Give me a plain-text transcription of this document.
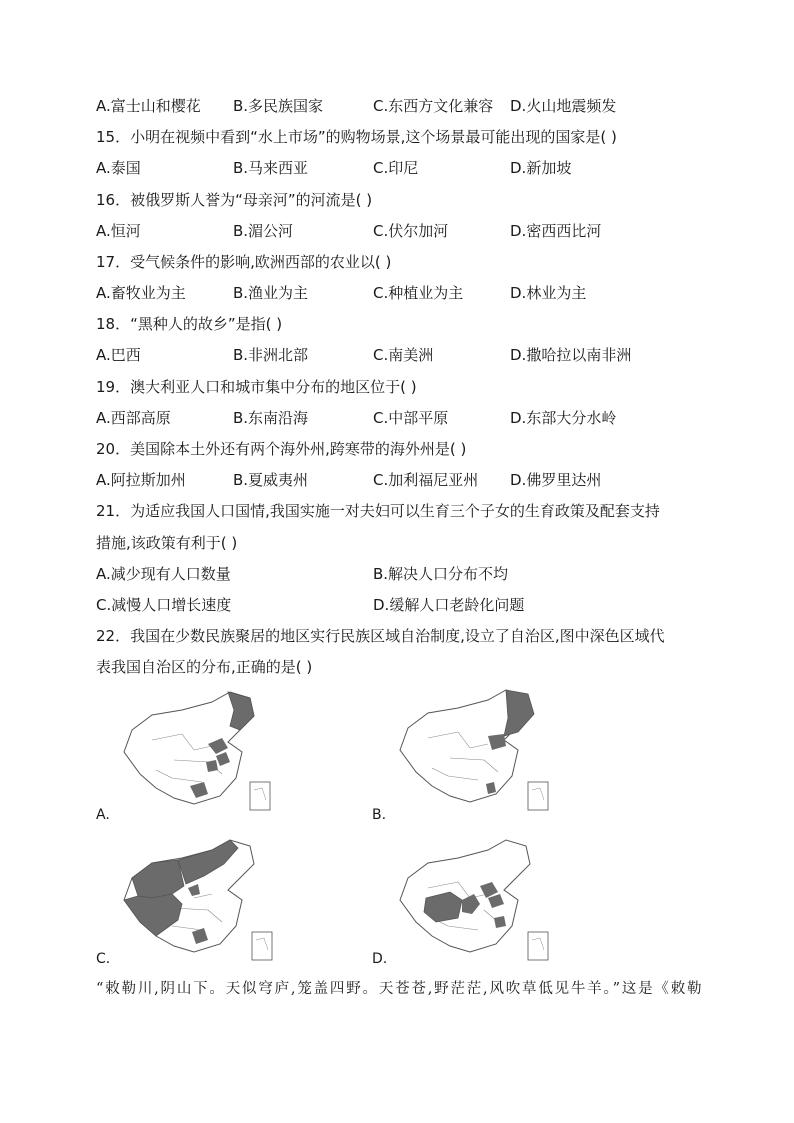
A.富士山和樱花 B.多民族国家	C.东西方文化兼容 D.火山地震频发
15．小明在视频中看到“水上市场”的购物场景,这个场景最可能出现的国家是( )
A.泰国	B.马来西亚	C.印尼	D.新加坡
16．被俄罗斯人誉为“母亲河”的河流是( )
A.恒河	B.湄公河	C.伏尔加河	D.密西西比河
17．受气候条件的影响,欧洲西部的农业以( )
A.畜牧业为主	B.渔业为主	C.种植业为主	D.林业为主
18．“黑种人的故乡”是指( )
A.巴西	B.非洲北部	C.南美洲	D.撒哈拉以南非洲
19．澳大利亚人口和城市集中分布的地区位于( )
A.西部高原	B.东南沿海	C.中部平原	D.东部大分水岭
20．美国除本土外还有两个海外州,跨寒带的海外州是( )
A.阿拉斯加州	B.夏威夷州	C.加利福尼亚州 D.佛罗里达州
21．为适应我国人口国情,我国实施一对夫妇可以生育三个子女的生育政策及配套支持
措施,该政策有利于( )
A.减少现有人口数量	B.解决人口分布不均
C.减慢人口增长速度	D.缓解人口老龄化问题
22．我国在少数民族聚居的地区实行民族区域自治制度,设立了自治区,图中深色区域代
表我国自治区的分布,正确的是( )
A.	B.
C.	D.
“敕勒川,阴山下。天似穹庐,笼盖四野。天苍苍,野茫茫,风吹草低见牛羊。”这是《敕勒
